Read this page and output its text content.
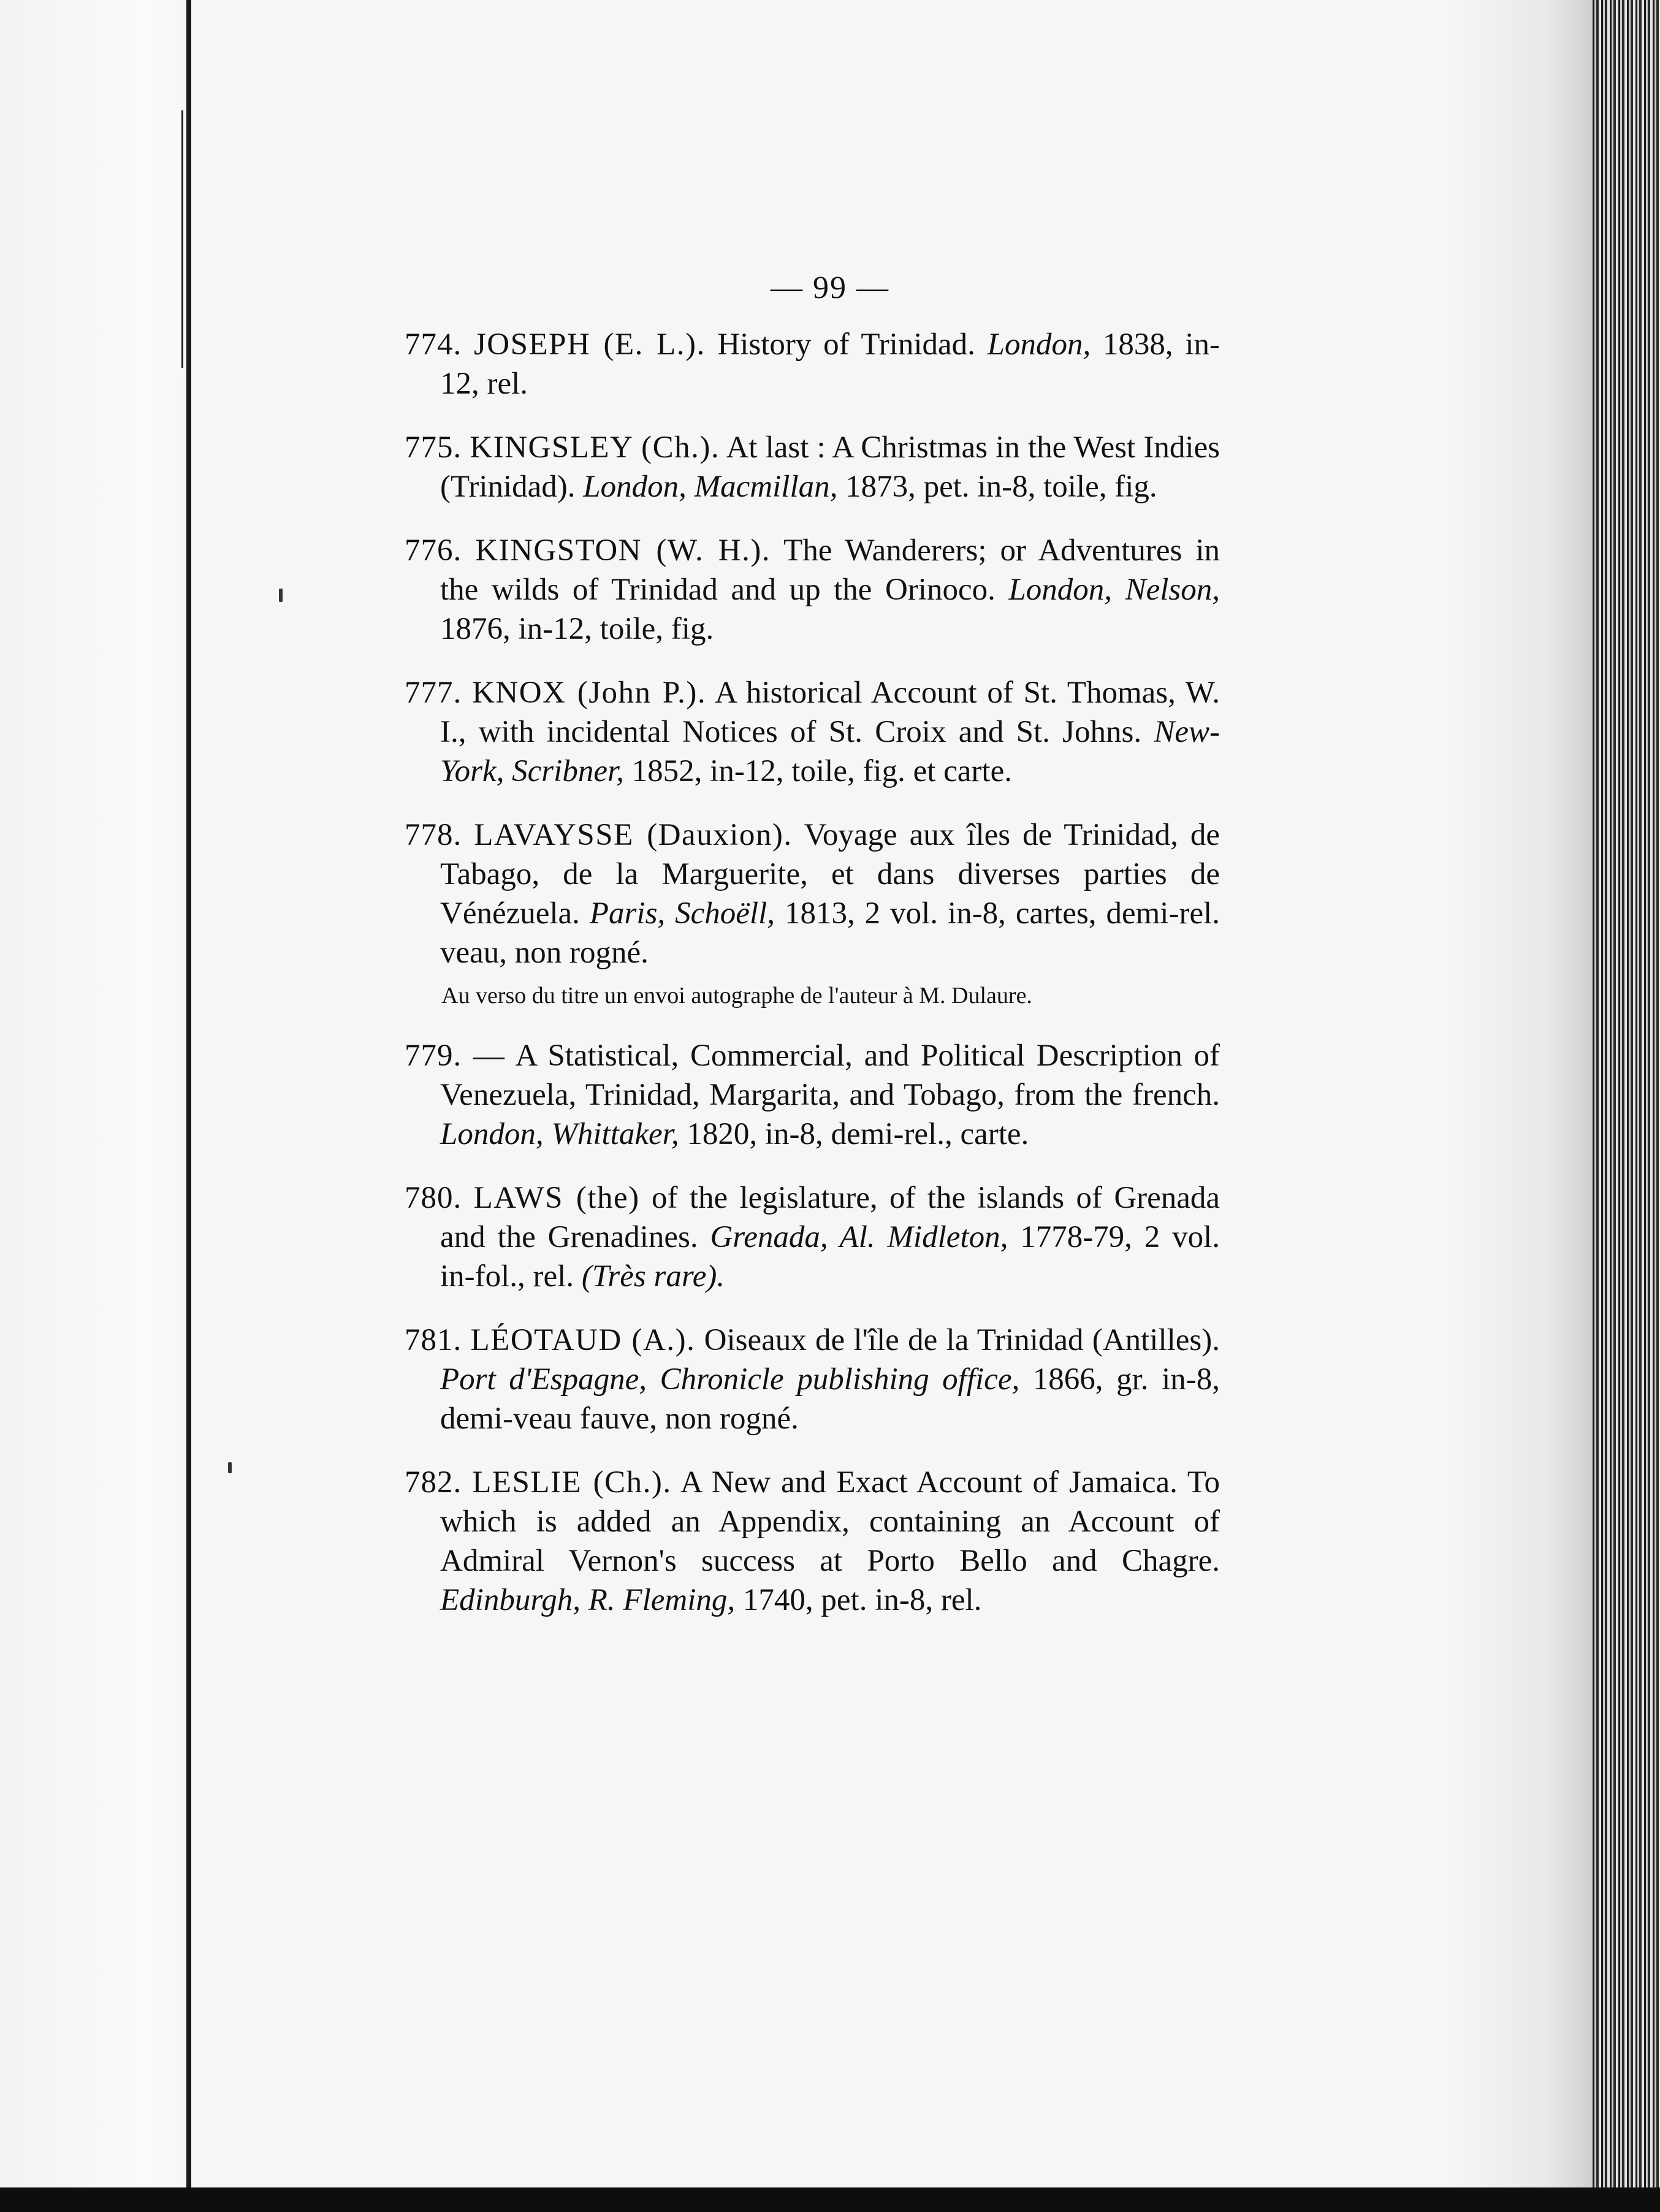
— 99 —
774. JOSEPH (E. L.). History of Trinidad. London, 1838, in-12, rel.
775. KINGSLEY (Ch.). At last : A Christmas in the West Indies (Trinidad). London, Macmillan, 1873, pet. in-8, toile, fig.
776. KINGSTON (W. H.). The Wanderers; or Adventures in the wilds of Trinidad and up the Orinoco. London, Nelson, 1876, in-12, toile, fig.
777. KNOX (John P.). A historical Account of St. Thomas, W. I., with incidental Notices of St. Croix and St. Johns. New-York, Scribner, 1852, in-12, toile, fig. et carte.
778. LAVAYSSE (Dauxion). Voyage aux îles de Trinidad, de Tabago, de la Marguerite, et dans diverses parties de Vénézuela. Paris, Schoëll, 1813, 2 vol. in-8, cartes, demi-rel. veau, non rogné.
Au verso du titre un envoi autographe de l'auteur à M. Dulaure.
779. — A Statistical, Commercial, and Political Description of Venezuela, Trinidad, Margarita, and Tobago, from the french. London, Whittaker, 1820, in-8, demi-rel., carte.
780. LAWS (the) of the legislature, of the islands of Grenada and the Grenadines. Grenada, Al. Midleton, 1778-79, 2 vol. in-fol., rel. (Très rare).
781. LÉOTAUD (A.). Oiseaux de l'île de la Trinidad (Antilles). Port d'Espagne, Chronicle publishing office, 1866, gr. in-8, demi-veau fauve, non rogné.
782. LESLIE (Ch.). A New and Exact Account of Jamaica. To which is added an Appendix, containing an Account of Admiral Vernon's success at Porto Bello and Chagre. Edinburgh, R. Fleming, 1740, pet. in-8, rel.
